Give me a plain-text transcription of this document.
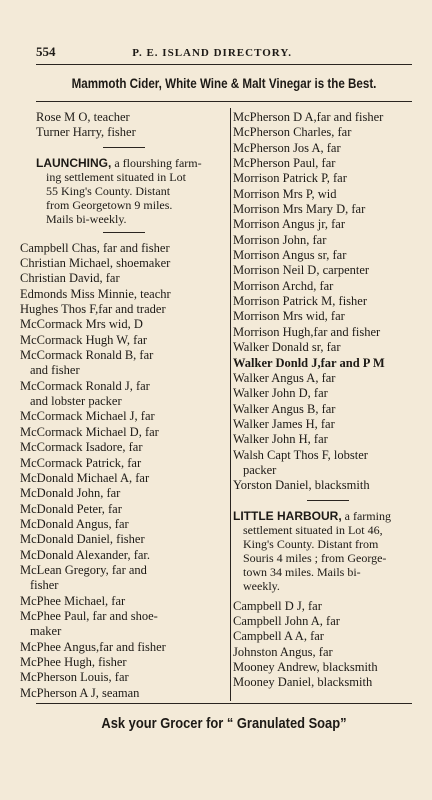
554	P. E. ISLAND DIRECTORY.
Mammoth Cider, White Wine & Malt Vinegar is the Best.
Rose M O, teacher
Turner Harry, fisher
LAUNCHING, a flourshing farm-
ing settlement situated in Lot
55 King's County. Distant
from Georgetown 9 miles.
Mails bi-weekly.
Campbell Chas, far and fisher
Christian Michael, shoemaker
Christian David, far
Edmonds Miss Minnie, teachr
Hughes Thos F,far and trader
McCormack Mrs wid, D
McCormack Hugh W, far
McCormack Ronald B, far
and fisher
McCormack Ronald J, far
and lobster packer
McCormack Michael J, far
McCormack Michael D, far
McCormack Isadore, far
McCormack Patrick, far
McDonald Michael A, far
McDonald John, far
McDonald Peter, far
McDonald Angus, far
McDonald Daniel, fisher
McDonald Alexander, far.
McLean Gregory, far and
fisher
McPhee Michael, far
McPhee Paul, far and shoe-
maker
McPhee Angus,far and fisher
McPhee Hugh, fisher
McPherson Louis, far
McPherson A J, seaman
McPherson D A,far and fisher
McPherson Charles, far
McPherson Jos A, far
McPherson Paul, far
Morrison Patrick P, far
Morrison Mrs P, wid
Morrison Mrs Mary D, far
Morrison Angus jr, far
Morrison John, far
Morrison Angus sr, far
Morrison Neil D, carpenter
Morrison Archd, far
Morrison Patrick M, fisher
Morrison Mrs wid, far
Morrison Hugh,far and fisher
Walker Donald sr, far
Walker Donld J,far and P M
Walker Angus A, far
Walker John D, far
Walker Angus B, far
Walker James H, far
Walker John H, far
Walsh Capt Thos F, lobster
packer
Yorston Daniel, blacksmith
LITTLE HARBOUR, a farming
settlement situated in Lot 46,
King's County. Distant from
Souris 4 miles ; from George-
town 34 miles. Mails bi-
weekly.
Campbell D J, far
Campbell John A, far
Campbell A A, far
Johnston Angus, far
Mooney Andrew, blacksmith
Mooney Daniel, blacksmith
Ask your Grocer for “ Granulated Soap”
